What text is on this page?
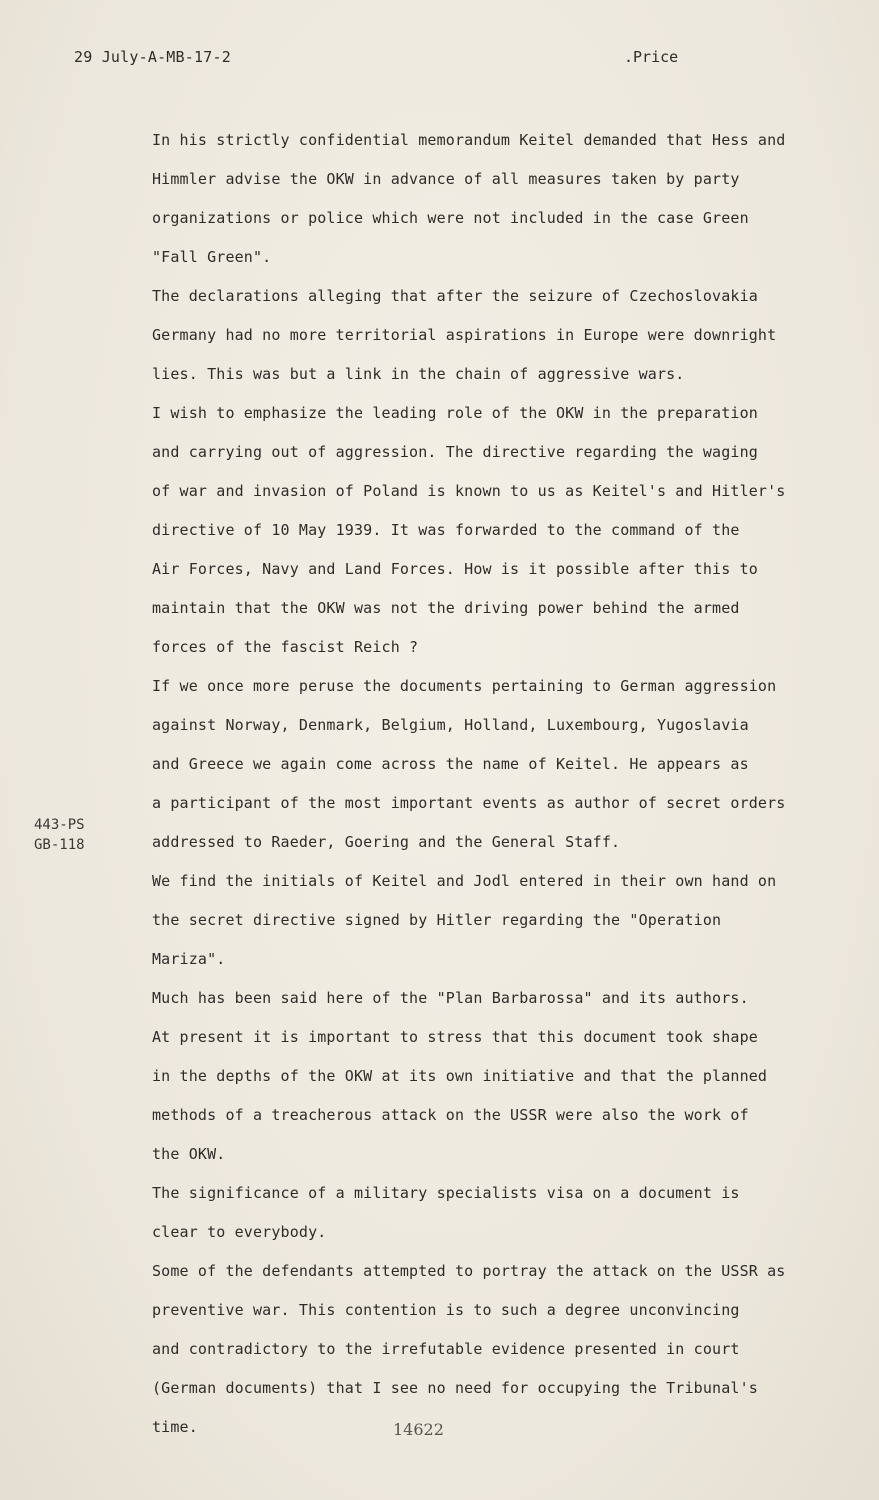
29 July-A-MB-17-2	.Price
443-PS
GB-118
In his strictly confidential memorandum Keitel demanded that Hess and
Himmler advise the OKW in advance of all measures taken by party
organizations or police which were not included in the case Green
"Fall Green".
The declarations alleging that after the seizure of Czechoslovakia
Germany had no more territorial aspirations in Europe were downright
lies. This was but a link in the chain of aggressive wars.
I wish to emphasize the leading role of the OKW in the preparation
and carrying out of aggression. The directive regarding the waging
of war and invasion of Poland is known to us as Keitel's and Hitler's
directive of 10 May 1939. It was forwarded to the command of the
Air Forces, Navy and Land Forces. How is it possible after this to
maintain that the OKW was not the driving power behind the armed
forces of the fascist Reich ?
If we once more peruse the documents pertaining to German aggression
against Norway, Denmark, Belgium, Holland, Luxembourg, Yugoslavia
and Greece we again come across the name of Keitel. He appears as
a participant of the most important events as author of secret orders
addressed to Raeder, Goering and the General Staff.
We find the initials of Keitel and Jodl entered in their own hand on
the secret directive signed by Hitler regarding the "Operation
Mariza".
Much has been said here of the "Plan Barbarossa" and its authors.
At present it is important to stress that this document took shape
in the depths of the OKW at its own initiative and that the planned
methods of a treacherous attack on the USSR were also the work of
the OKW.
The significance of a military specialists visa on a document is
clear to everybody.
Some of the defendants attempted to portray the attack on the USSR as
preventive war. This contention is to such a degree unconvincing
and contradictory to the irrefutable evidence presented in court
(German documents) that I see no need for occupying the Tribunal's
time.	14622
